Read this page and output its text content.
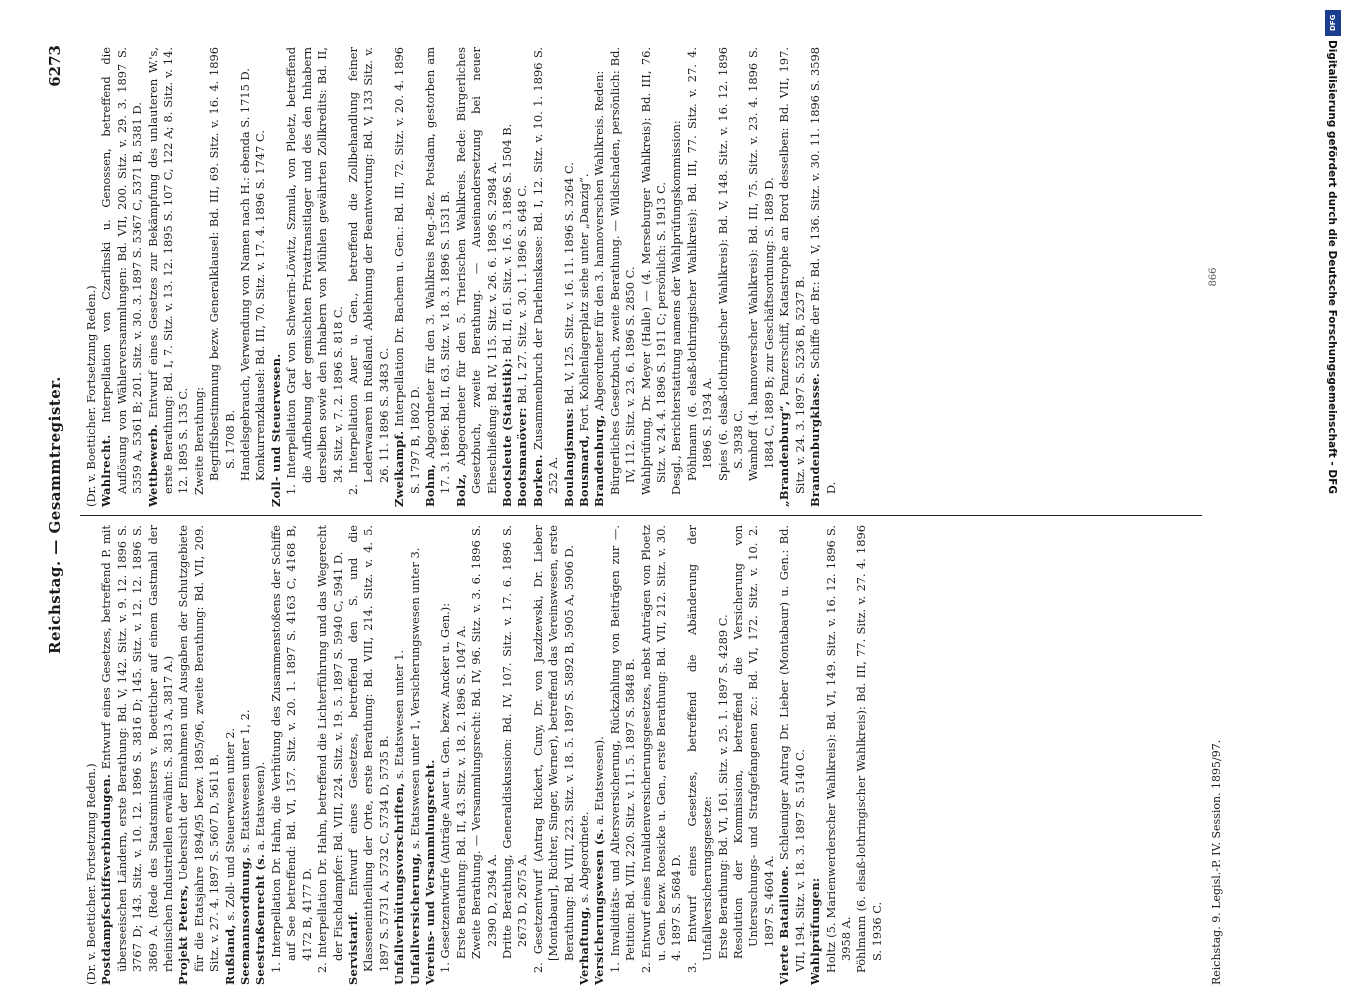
Reichstag. — Gesammtregister.
6273

(Dr. v. Boetticher. Fortsetzung Reden.) Postdampfschiffsverbindungen. Entwurf eines Gesetzes, betreffend P. mit überseeischen Ländern, erste Berathung: Bd. V, 142. Sitz. v. 9. 12. 1896 S. 3767 D; 143. Sitz. v. 10. 12. 1896 S. 3816 D; 145. Sitz. v. 12. 12. 1896 S. 3869 A. (Rede des Staatsministers v. Boetticher auf einem Gastmahl der rheinischen Industriellen erwähnt: S. 3813 A, 3817 A.) Projekt Peters, Uebersicht der Einnahmen und Ausgaben der Schutzgebiete für die Etatsjahre 1894/95 bezw. 1895/96, zweite Berathung: Bd. VII, 209. Sitz. v. 27. 4. 1897 S. 5607 D, 5611 B. Rußland, s. Zoll- und Steuerwesen unter 2. Seemannsordnung, s. Etatswesen unter 1, 2.

Seestraßenrecht (s. a. Etatswesen). 1. Interpellation Dr. Hahn, die Verhütung des Zusammenstoßens der Schiffe auf See betreffend: Bd. VI, 157. Sitz. v. 20. 1. 1897 S. 4163 C, 4168 B, 4172 B, 4177 D. 2. Interpellation Dr. Hahn, betreffend die Lichterführung und das Wegerecht der Fischdampfer: Bd. VIII, 224. Sitz. v. 19. 5. 1897 S. 5940 C, 5941 D. Servistarif. Entwurf eines Gesetzes, betreffend den S. und die Klasseneintheilung der Orte, erste Berathung: Bd. VIII, 214. Sitz. v. 4. 5. 1897 S. 5731 A, 5732 C, 5734 D, 5735 B. Unfallverhütungsvorschriften, s. Etatswesen unter 1.

Unfallversicherung, s. Etatswesen unter 1, Versicherungswesen unter 3.

Vereins- und Versammlungsrecht. 1. Gesetzentwürfe (Anträge Auer u. Gen. bezw. Ancker u. Gen.): Erste Berathung: Bd. II, 43. Sitz. v. 18. 2. 1896 S. 1047 A. Zweite Berathung. — Versammlungsrecht: Bd. IV, 96. Sitz. v. 3. 6. 1896 S. 2390 D, 2394 A. Dritte Berathung, Generaldiskussion: Bd. IV, 107. Sitz. v. 17. 6. 1896 S. 2673 D, 2675 A. 2. Gesetzentwurf (Antrag Rickert, Cuny, Dr. von Jazdzewski, Dr. Lieber [Montabaur], Richter, Singer, Werner), betreffend das Vereinswesen, erste Berathung: Bd. VIII, 223. Sitz. v. 18. 5. 1897 S. 5892 B, 5905 A, 5906 D. Verhaftung, s. Abgeordnete. Versicherungswesen (s. a. Etatswesen). 1. Invaliditäts- und Altersversicherung, Rückzahlung von Beiträgen zur —. Petition: Bd. VIII, 220. Sitz. v. 11. 5. 1897 S. 5848 B. 2. Entwurf eines Invalidenversicherungsgesetzes, nebst Anträgen von Ploetz u. Gen. bezw. Roesicke u. Gen., erste Berathung: Bd. VII, 212. Sitz. v. 30. 4. 1897 S. 5684 D. 3. Entwurf eines Gesetzes, betreffend die Abänderung der Unfallversicherungsgesetze: Erste Berathung: Bd. VI, 161. Sitz. v. 25. 1. 1897 S. 4289 C. Resolution der Kommission, betreffend die Versicherung von Untersuchungs- und Strafgefangenen zc.: Bd. VI, 172. Sitz. v. 10. 2. 1897 S. 4604 A. Vierte Bataillone. Schleuniger Antrag Dr. Lieber (Montabaur) u. Gen.: Bd. VII, 194. Sitz. v. 18. 3. 1897 S. 5140 C. Wahlprüfungen: Holtz (5. Marienwerderscher Wahlkreis): Bd. VI, 149. Sitz. v. 16. 12. 1896 S. 3958 A. Pöhlmann (6. elsaß-lothringischer Wahlkreis): Bd. III, 77. Sitz. v. 27. 4. 1896 S. 1936 C.

(Dr. v. Boetticher. Fortsetzung Reden.) Wahlrecht. Interpellation von Czarlinski u. Genossen, betreffend die Auflösung von Wählerversammlungen: Bd. VII, 200. Sitz. v. 29. 3. 1897 S. 5359 A, 5361 B; 201. Sitz. v. 30. 3. 1897 S. 5367 C, 5371 B, 5381 D. Wettbewerb. Entwurf eines Gesetzes zur Bekämpfung des unlauteren W.'s, erste Berathung: Bd. I, 7. Sitz. v. 13. 12. 1895 S. 107 C, 122 A; 8. Sitz. v. 14. 12. 1895 S. 135 C. Zweite Berathung: Begriffsbestimmung bezw. Generalklausel: Bd. III, 69. Sitz. v. 16. 4. 1896 S. 1708 B. Handelsgebrauch, Verwendung von Namen nach H.: ebenda S. 1715 D. Konkurrenzklausel: Bd. III, 70. Sitz. v. 17. 4. 1896 S. 1747 C. Zoll- und Steuerwesen. 1. Interpellation Graf von Schwerin-Löwitz, Szmula, von Ploetz, betreffend die Aufhebung der gemischten Privattransitlager und des den Inhabern derselben sowie den Inhabern von Mühlen gewährten Zollkredits: Bd. II, 34. Sitz. v. 7. 2. 1896 S. 818 C. 2. Interpellation Auer u. Gen., betreffend die Zollbehandlung feiner Lederwaaren in Rußland. Ablehnung der Beantwortung: Bd. V, 133 Sitz. v. 26. 11. 1896 S. 3483 C. Zweikampf. Interpellation Dr. Bachem u. Gen.: Bd. III, 72. Sitz. v. 20. 4. 1896 S. 1797 B, 1802 D. Bohm, Abgeordneter für den 3. Wahlkreis Reg.-Bez. Potsdam, gestorben am 17. 3. 1896: Bd. II, 63. Sitz. v. 18. 3. 1896 S. 1531 B. Bolz, Abgeordneter für den 5. Trierischen Wahlkreis. Rede: Bürgerliches Gesetzbuch, zweite Berathung. — Auseinandersetzung bei neuer Eheschließung: Bd. IV, 115. Sitz. v. 26. 6. 1896 S. 2984 A. Bootsleute (Statistik): Bd. II, 61. Sitz. v. 16. 3. 1896 S. 1504 B.

Bootsmanöver: Bd. I, 27. Sitz. v. 30. 1. 1896 S. 648 C.

Borken. Zusammenbruch der Darlehnskasse: Bd. I, 12. Sitz. v. 10. 1. 1896 S. 252 A. Boulangismus: Bd. V, 125. Sitz. v. 16. 11. 1896 S. 3264 C.

Bousmard, Fort. Kohlenlagerplatz siehe unter „Danzig“.

Brandenburg, Abgeordneter für den 3. hannoverschen Wahlkreis. Reden: Bürgerliches Gesetzbuch, zweite Berathung. — Wildschaden, persönlich: Bd. IV, 112. Sitz. v. 23. 6. 1896 S. 2850 C. Wahlprüfung, Dr. Meyer (Halle) — (4. Merseburger Wahlkreis): Bd. III, 76. Sitz. v. 24. 4. 1896 S. 1911 C; persönlich: S. 1913 C. Desgl., Berichterstattung namens der Wahlprüfungskommission: Pöhlmann (6. elsaß-lothringischer Wahlkreis): Bd. III, 77. Sitz. v. 27. 4. 1896 S. 1934 A. Spies (6. elsaß-lothringischer Wahlkreis): Bd. V, 148. Sitz. v. 16. 12. 1896 S. 3938 C. Wamhoff (4. hannoverscher Wahlkreis): Bd. III, 75. Sitz. v. 23. 4. 1896 S. 1884 C, 1889 B; zur Geschäftsordnung: S. 1889 D. „Brandenburg“, Panzerschiff, Katastrophe an Bord desselben: Bd. VII, 197. Sitz. v. 24. 3. 1897 S. 5236 B, 5237 B. Brandenburgklasse. Schiffe der Br.: Bd. V, 136. Sitz. v. 30. 11. 1896 S. 3598 D.

Reichstag. 9. Legisl.-P. IV. Session. 1895/97.
866
DFG
Digitalisierung gefördert durch die Deutsche Forschungsgemeinschaft - DFG
